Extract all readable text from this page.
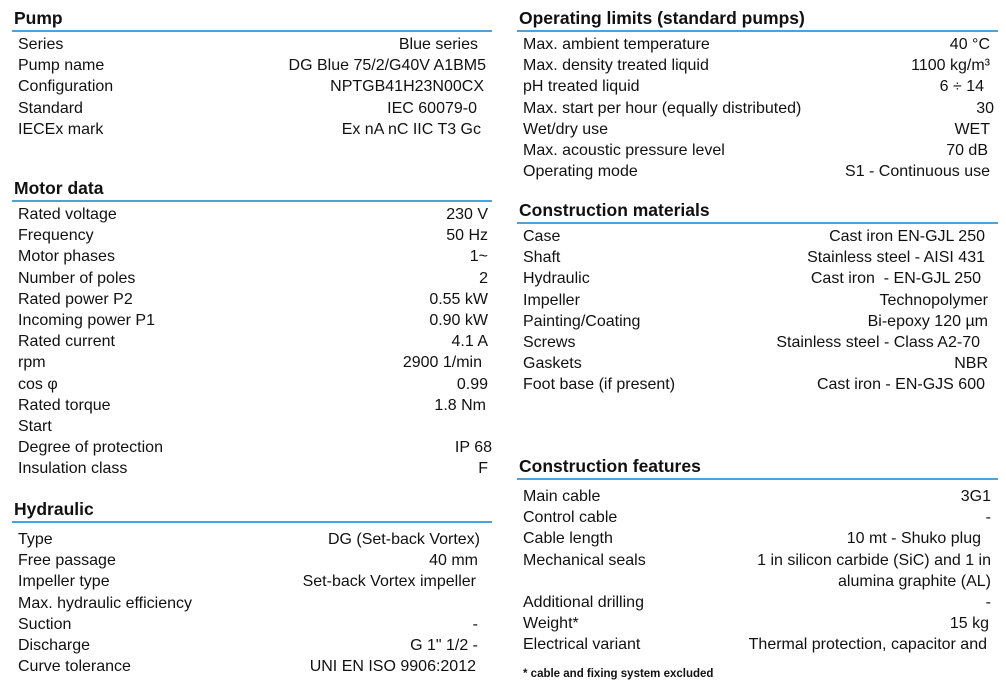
Pump
Series	Blue series
Pump name	DG Blue 75/2/G40V A1BM5
Configuration	NPTGB41H23N00CX
Standard	IEC 60079-0
IECEx mark	Ex nA nC IIC T3 Gc
Motor data
Rated voltage	230 V
Frequency	50 Hz
Motor phases	1~
Number of poles	2
Rated power P2	0.55 kW
Incoming power P1	0.90 kW
Rated current	4.1 A
rpm	2900 1/min
cos φ	0.99
Rated torque	1.8 Nm
Start
Degree of protection	IP 68
Insulation class	F
Hydraulic
Type	DG (Set-back Vortex)
Free passage	40 mm
Impeller type	Set-back Vortex impeller
Max. hydraulic efficiency
Suction	-
Discharge	G 1" 1/2 -
Curve tolerance	UNI EN ISO 9906:2012
Operating limits (standard pumps)
Max. ambient temperature	40 °C
Max. density treated liquid	1100 kg/m³
pH treated liquid	6 ÷ 14
Max. start per hour (equally distributed)	30
Wet/dry use	WET
Max. acoustic pressure level	70 dB
Operating mode	S1 - Continuous use
Construction materials
Case	Cast iron EN-GJL 250
Shaft	Stainless steel - AISI 431
Hydraulic	Cast iron  - EN-GJL 250
Impeller	Technopolymer
Painting/Coating	Bi-epoxy 120 µm
Screws	Stainless steel - Class A2-70
Gaskets	NBR
Foot base (if present)	Cast iron - EN-GJS 600
Construction features
Main cable	3G1
Control cable	-
Cable length	10 mt - Shuko plug
Mechanical seals	1 in silicon carbide (SiC) and 1 in alumina graphite (AL)
Additional drilling	-
Weight*	15 kg
Electrical variant	Thermal protection, capacitor and
* cable and fixing system excluded
